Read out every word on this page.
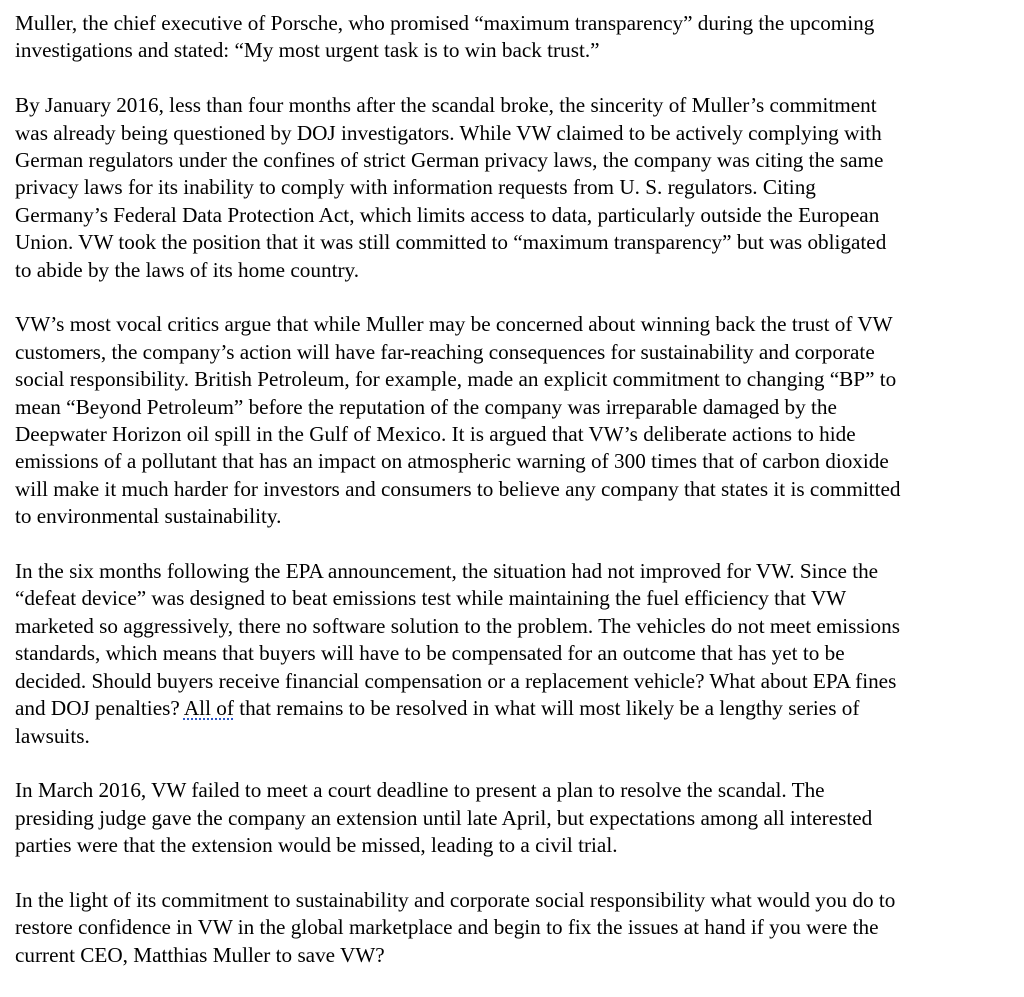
Muller, the chief executive of Porsche, who promised “maximum transparency” during the upcoming
investigations and stated: “My most urgent task is to win back trust.”

By January 2016, less than four months after the scandal broke, the sincerity of Muller’s commitment
was already being questioned by DOJ investigators. While VW claimed to be actively complying with
German regulators under the confines of strict German privacy laws, the company was citing the same
privacy laws for its inability to comply with information requests from U. S. regulators. Citing
Germany’s Federal Data Protection Act, which limits access to data, particularly outside the European
Union. VW took the position that it was still committed to “maximum transparency” but was obligated
to abide by the laws of its home country.

VW’s most vocal critics argue that while Muller may be concerned about winning back the trust of VW
customers, the company’s action will have far-reaching consequences for sustainability and corporate
social responsibility. British Petroleum, for example, made an explicit commitment to changing “BP” to
mean “Beyond Petroleum” before the reputation of the company was irreparable damaged by the
Deepwater Horizon oil spill in the Gulf of Mexico. It is argued that VW’s deliberate actions to hide
emissions of a pollutant that has an impact on atmospheric warning of 300 times that of carbon dioxide
will make it much harder for investors and consumers to believe any company that states it is committed
to environmental sustainability.

In the six months following the EPA announcement, the situation had not improved for VW. Since the
“defeat device” was designed to beat emissions test while maintaining the fuel efficiency that VW
marketed so aggressively, there no software solution to the problem. The vehicles do not meet emissions
standards, which means that buyers will have to be compensated for an outcome that has yet to be
decided. Should buyers receive financial compensation or a replacement vehicle? What about EPA fines
and DOJ penalties? All of that remains to be resolved in what will most likely be a lengthy series of
lawsuits.

In March 2016, VW failed to meet a court deadline to present a plan to resolve the scandal. The
presiding judge gave the company an extension until late April, but expectations among all interested
parties were that the extension would be missed, leading to a civil trial.

In the light of its commitment to sustainability and corporate social responsibility what would you do to
restore confidence in VW in the global marketplace and begin to fix the issues at hand if you were the
current CEO, Matthias Muller to save VW?
